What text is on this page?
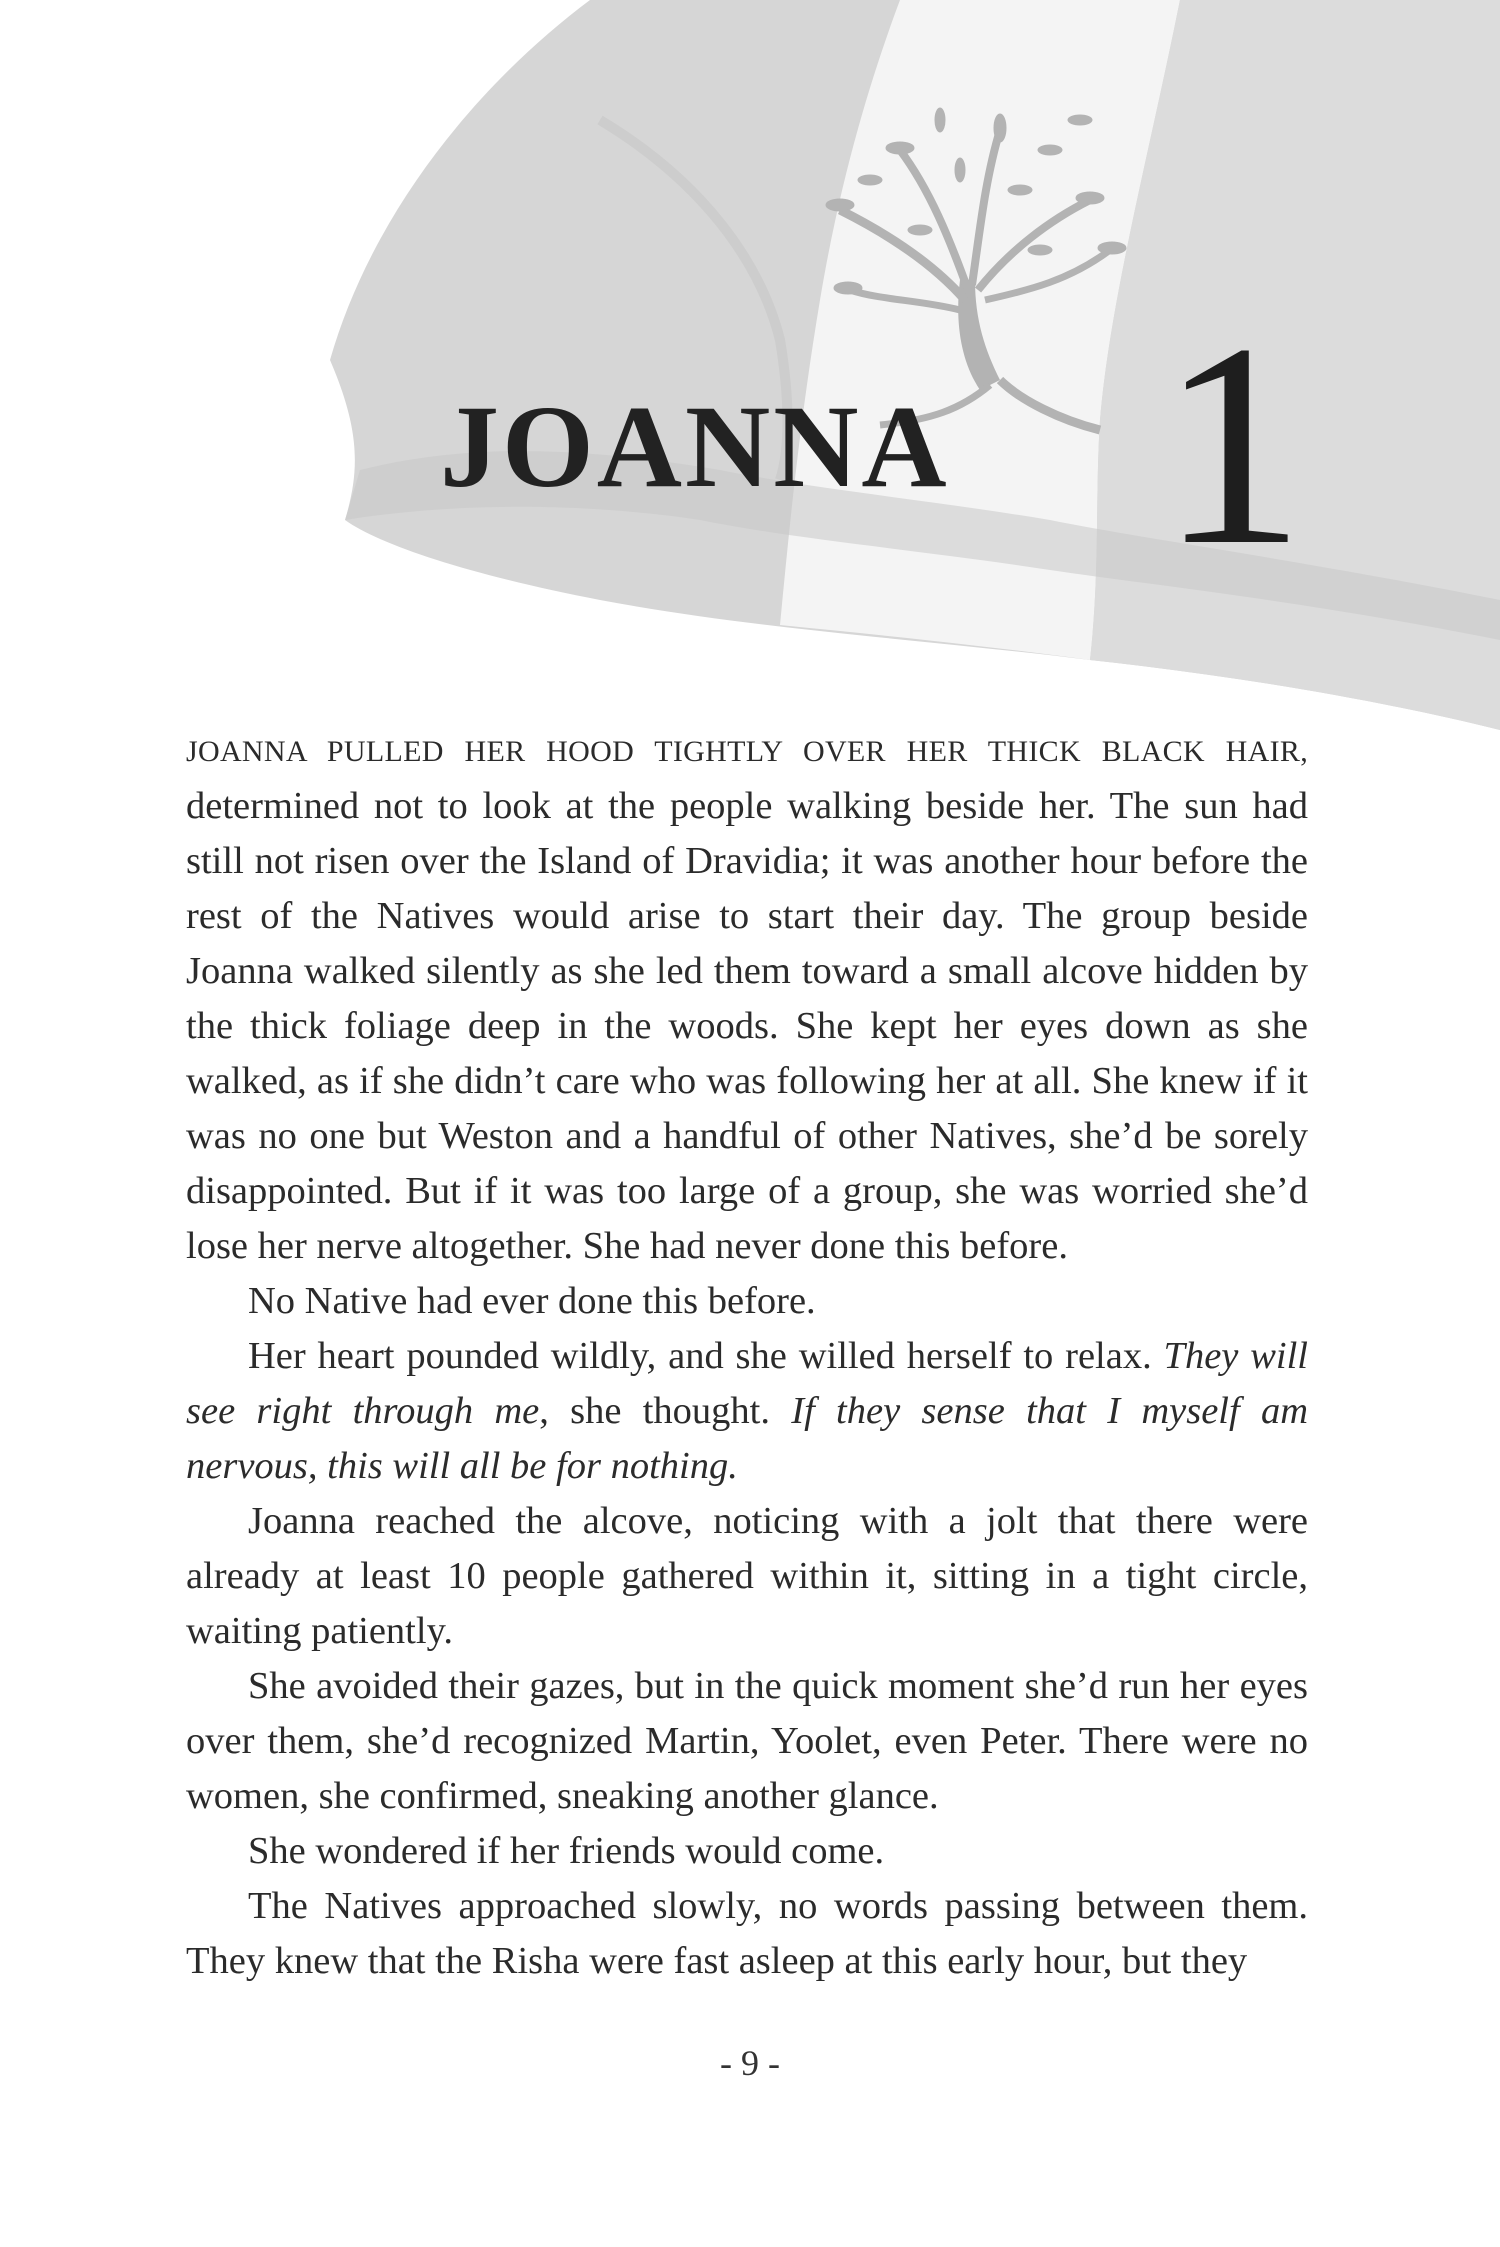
JOANNA 1

JOANNA PULLED HER HOOD TIGHTLY OVER HER THICK BLACK HAIR, determined not to look at the people walking beside her. The sun had still not risen over the Island of Dravidia; it was another hour before the rest of the Natives would arise to start their day. The group beside Joanna walked silently as she led them toward a small alcove hidden by the thick foliage deep in the woods. She kept her eyes down as she walked, as if she didn’t care who was following her at all. She knew if it was no one but Weston and a handful of other Natives, she’d be sorely disappointed. But if it was too large of a group, she was worried she’d lose her nerve altogether. She had never done this before.

No Native had ever done this before.

Her heart pounded wildly, and she willed herself to relax. They will see right through me, she thought. If they sense that I myself am nervous, this will all be for nothing.

Joanna reached the alcove, noticing with a jolt that there were already at least 10 people gathered within it, sitting in a tight circle, waiting patiently.

She avoided their gazes, but in the quick moment she’d run her eyes over them, she’d recognized Martin, Yoolet, even Peter. There were no women, she confirmed, sneaking another glance.

She wondered if her friends would come.

The Natives approached slowly, no words passing between them. They knew that the Risha were fast asleep at this early hour, but they

- 9 -
